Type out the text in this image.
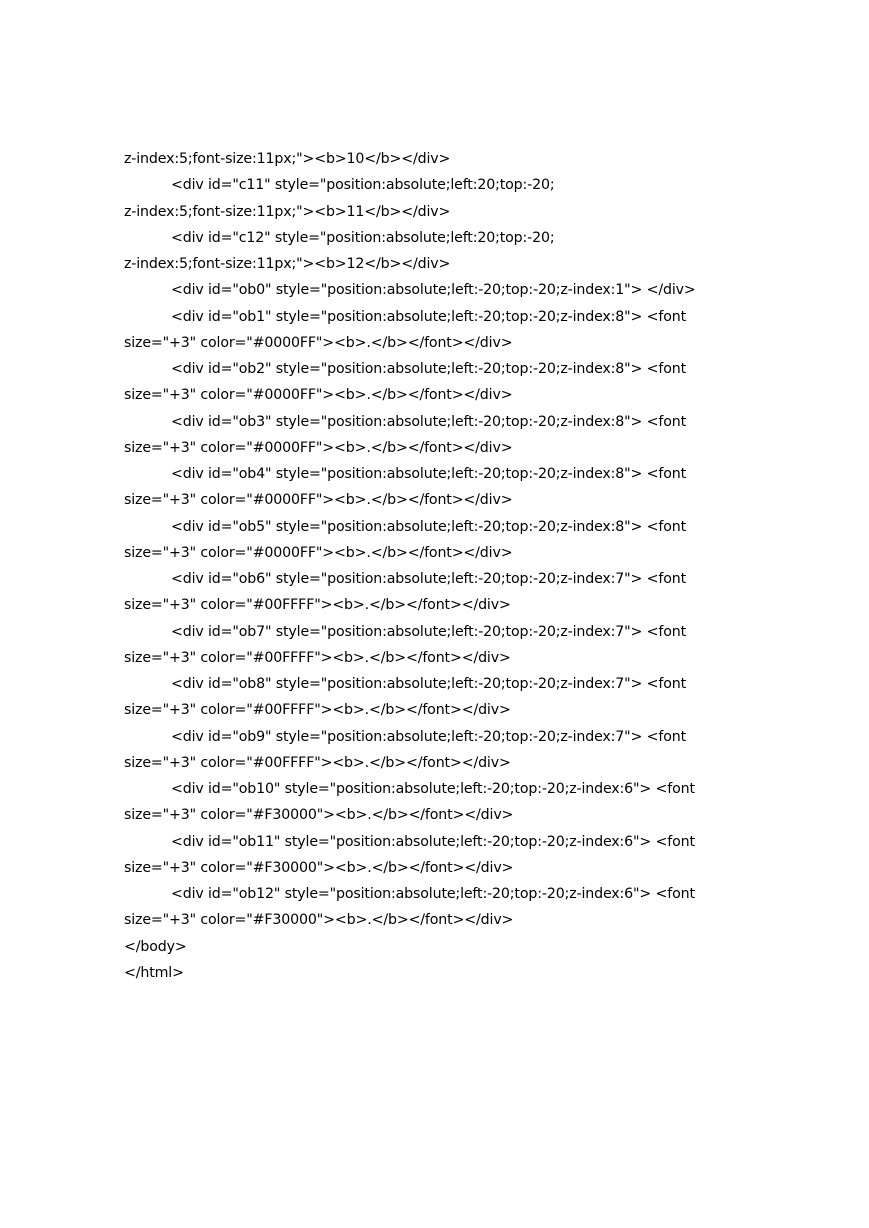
z-index:5;font-size:11px;"><b>10</b></div>
<div id="c11" style="position:absolute;left:20;top:-20;
z-index:5;font-size:11px;"><b>11</b></div>
<div id="c12" style="position:absolute;left:20;top:-20;
z-index:5;font-size:11px;"><b>12</b></div>
<div id="ob0" style="position:absolute;left:-20;top:-20;z-index:1"> </div>
<div id="ob1" style="position:absolute;left:-20;top:-20;z-index:8"> <font
size="+3" color="#0000FF"><b>.</b></font></div>
<div id="ob2" style="position:absolute;left:-20;top:-20;z-index:8"> <font
size="+3" color="#0000FF"><b>.</b></font></div>
<div id="ob3" style="position:absolute;left:-20;top:-20;z-index:8"> <font
size="+3" color="#0000FF"><b>.</b></font></div>
<div id="ob4" style="position:absolute;left:-20;top:-20;z-index:8"> <font
size="+3" color="#0000FF"><b>.</b></font></div>
<div id="ob5" style="position:absolute;left:-20;top:-20;z-index:8"> <font
size="+3" color="#0000FF"><b>.</b></font></div>
<div id="ob6" style="position:absolute;left:-20;top:-20;z-index:7"> <font
size="+3" color="#00FFFF"><b>.</b></font></div>
<div id="ob7" style="position:absolute;left:-20;top:-20;z-index:7"> <font
size="+3" color="#00FFFF"><b>.</b></font></div>
<div id="ob8" style="position:absolute;left:-20;top:-20;z-index:7"> <font
size="+3" color="#00FFFF"><b>.</b></font></div>
<div id="ob9" style="position:absolute;left:-20;top:-20;z-index:7"> <font
size="+3" color="#00FFFF"><b>.</b></font></div>
<div id="ob10" style="position:absolute;left:-20;top:-20;z-index:6"> <font
size="+3" color="#F30000"><b>.</b></font></div>
<div id="ob11" style="position:absolute;left:-20;top:-20;z-index:6"> <font
size="+3" color="#F30000"><b>.</b></font></div>
<div id="ob12" style="position:absolute;left:-20;top:-20;z-index:6"> <font
size="+3" color="#F30000"><b>.</b></font></div>
</body>
</html>
